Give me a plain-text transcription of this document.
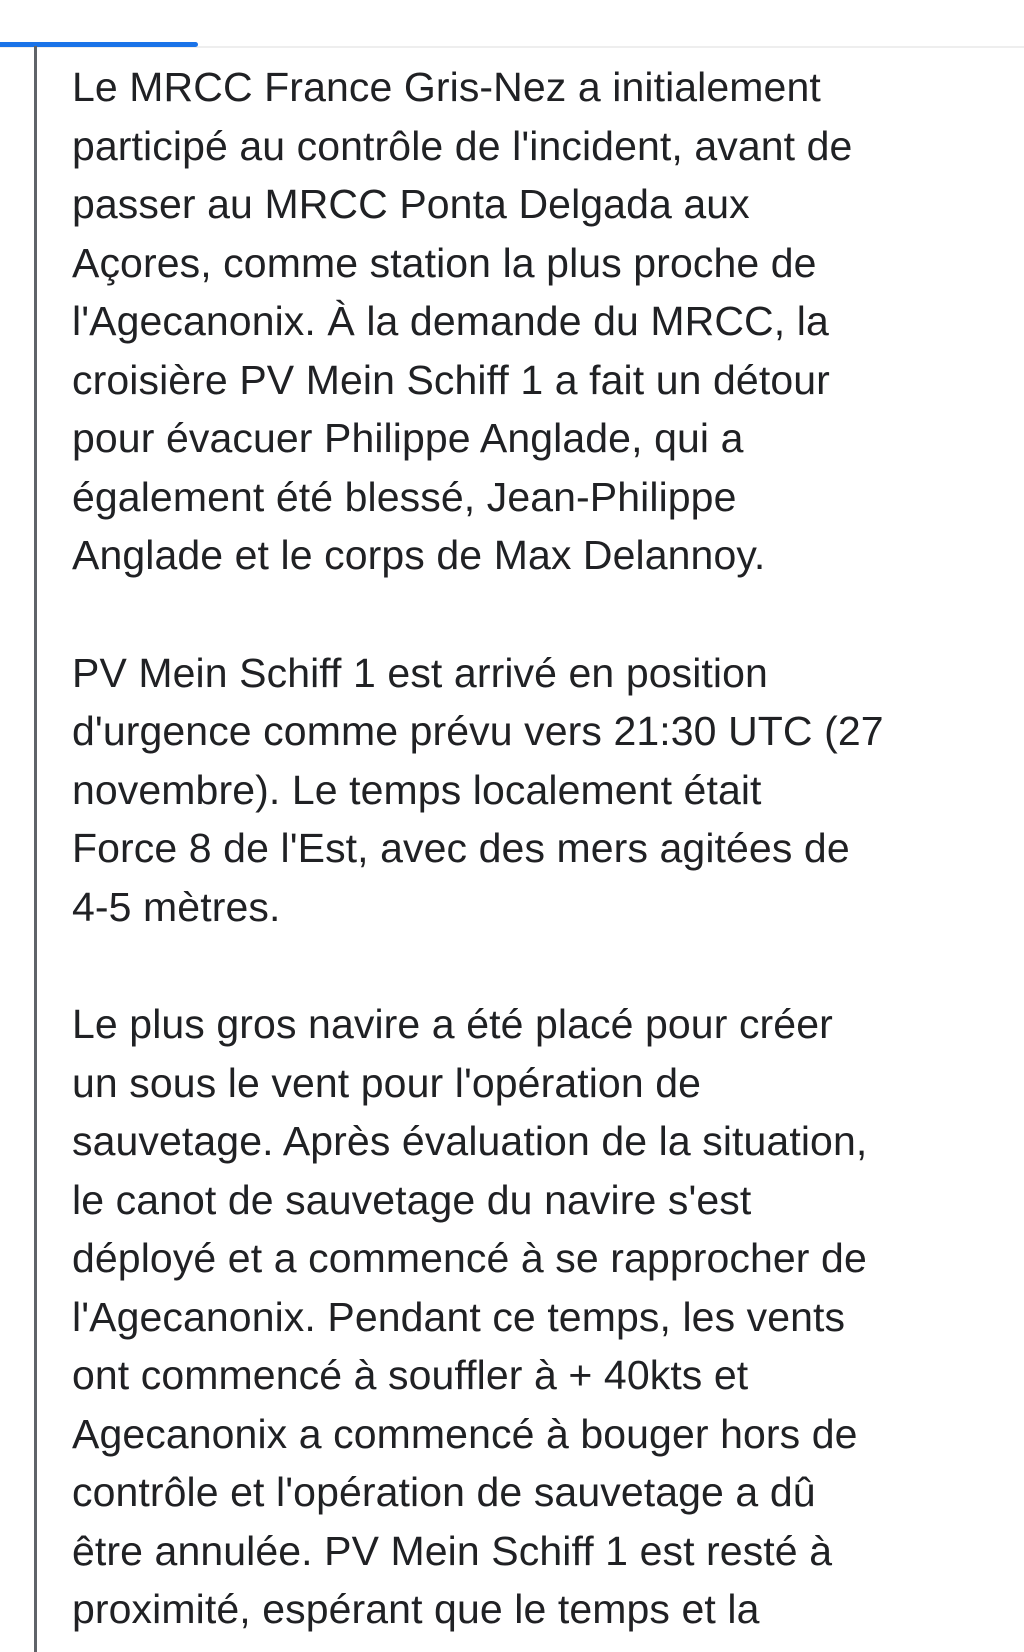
Le MRCC France Gris-Nez a initialement
participé au contrôle de l'incident, avant de
passer au MRCC Ponta Delgada aux
Açores, comme station la plus proche de
l'Agecanonix. À la demande du MRCC, la
croisière PV Mein Schiff 1 a fait un détour
pour évacuer Philippe Anglade, qui a
également été blessé, Jean-Philippe
Anglade et le corps de Max Delannoy.

PV Mein Schiff 1 est arrivé en position
d'urgence comme prévu vers 21:30 UTC (27
novembre). Le temps localement était
Force 8 de l'Est, avec des mers agitées de
4-5 mètres.

Le plus gros navire a été placé pour créer
un sous le vent pour l'opération de
sauvetage. Après évaluation de la situation,
le canot de sauvetage du navire s'est
déployé et a commencé à se rapprocher de
l'Agecanonix. Pendant ce temps, les vents
ont commencé à souffler à + 40kts et
Agecanonix a commencé à bouger hors de
contrôle et l'opération de sauvetage a dû
être annulée. PV Mein Schiff 1 est resté à
proximité, espérant que le temps et la
